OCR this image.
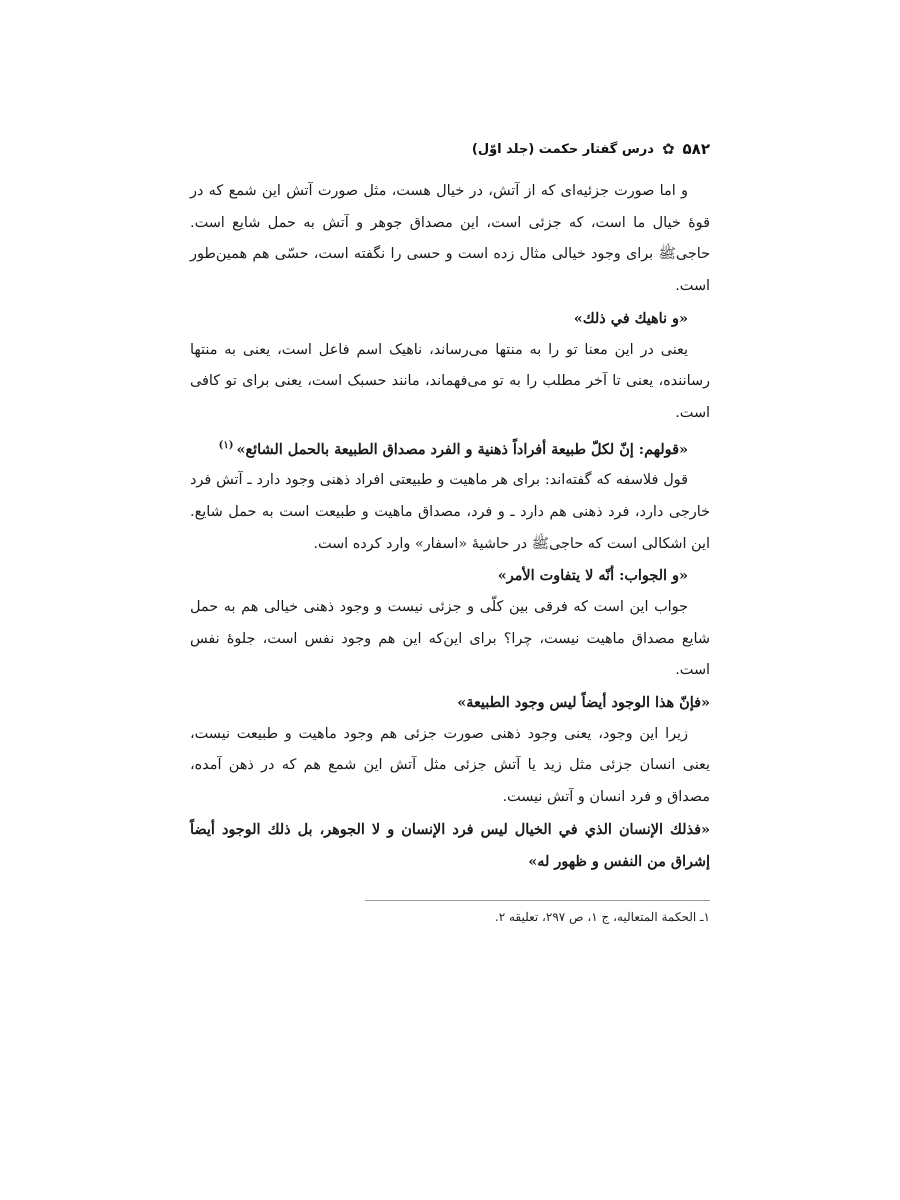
۵۸۲
✿
درس گفتار حکمت (جلد اوّل)

و اما صورت جزئیه‌ای که از آتش، در خیال هست، مثل صورت آتش این شمع که در قوهٔ خیال ما است، که جزئی است، این مصداق جوهر و آتش به حمل شایع است. حاجیﷺ برای وجود خیالی مثال زده است و حسی را نگفته است، حسّی هم همین‌طور است.

«و ناهیك في ذلك»

یعنی در این معنا تو را به منتها می‌رساند، ناهیک اسم فاعل است، یعنی به منتها رساننده، یعنی تا آخر مطلب را به تو می‌فهماند، مانند حسبک است، یعنی برای تو کافی است.

«قولهم: إنّ لكلّ طبيعة أفراداً ذهنية و الفرد مصداق الطبيعة بالحمل الشائع»$^{(۱)}$

قول فلاسفه که گفته‌اند: برای هر ماهیت و طبیعتی افراد ذهنی وجود دارد ـ آتش فرد خارجی دارد، فرد ذهنی هم دارد ـ و فرد، مصداق ماهیت و طبیعت است به حمل شایع. این اشکالی است که حاجیﷺ در حاشیهٔ «اسفار» وارد کرده است.

«و الجواب: أنّه لا يتفاوت الأمر»

جواب این است که فرقی بین کلّی و جزئی نیست و وجود ذهنی خیالی هم به حمل شایع مصداق ماهیت نیست، چرا؟ برای این‌که این هم وجود نفس است، جلوهٔ نفس است.

«فإنّ هذا الوجود أيضاً ليس وجود الطبيعة»

زیرا این وجود، یعنی وجود ذهنی صورت جزئی هم وجود ماهیت و طبیعت نیست، یعنی انسان جزئی مثل زید یا آتش جزئی مثل آتش این شمع هم که در ذهن آمده، مصداق و فرد انسان و آتش نیست.

«فذلك الإنسان الذي في الخيال ليس فرد الإنسان و لا الجوهر، بل ذلك الوجود أيضاً إشراق من النفس و ظهور له»

۱ـ الحکمة المتعالیه، ج ۱، ص ۲۹۷، تعلیقه ۲.
